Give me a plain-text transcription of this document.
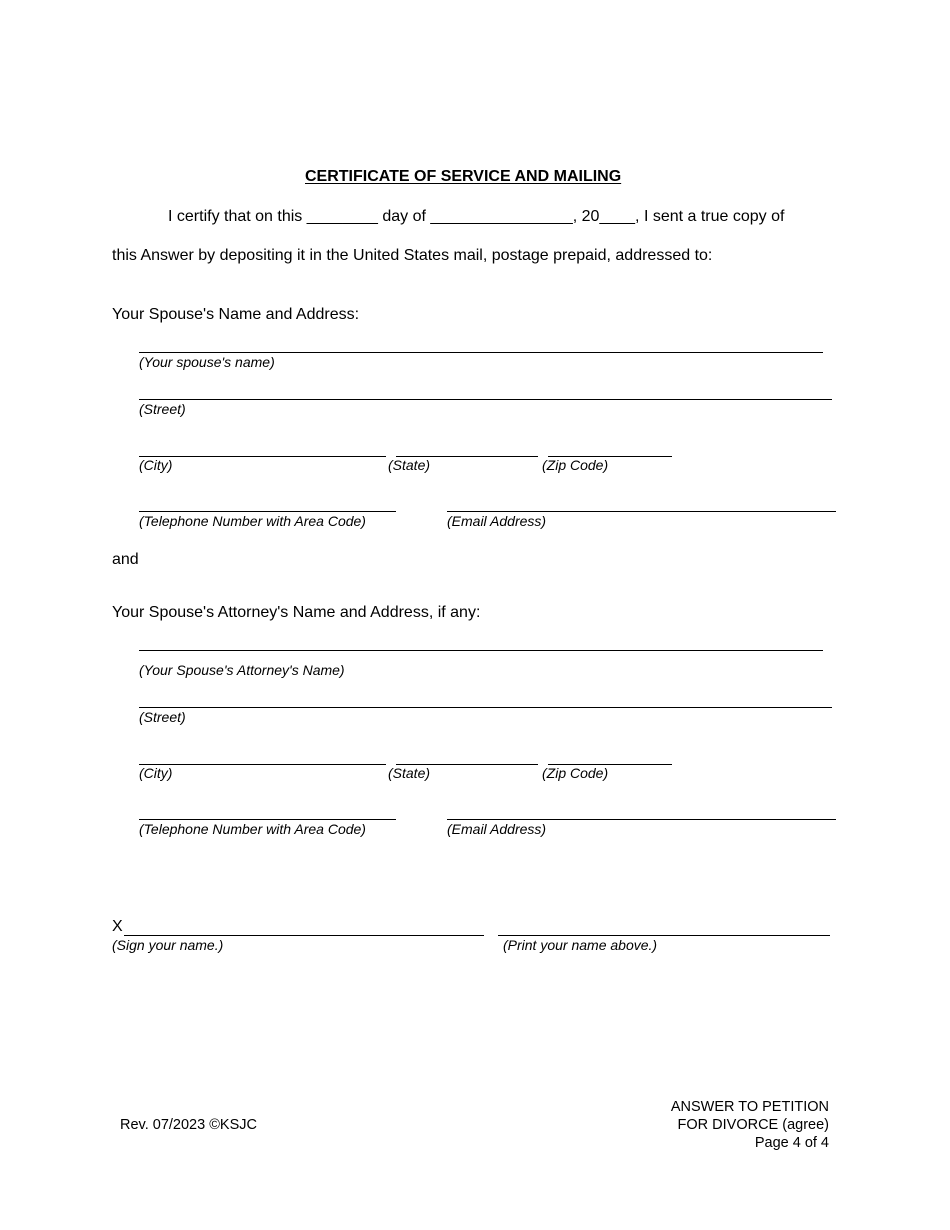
CERTIFICATE OF SERVICE AND MAILING
I certify that on this ________ day of ________________, 20____, I sent a true copy of
this Answer by depositing it in the United States mail, postage prepaid, addressed to:
Your Spouse's Name and Address:
(Your spouse's name)
(Street)
(City)	(State)	(Zip Code)
(Telephone Number with Area Code)	(Email Address)
and
Your Spouse's Attorney's Name and Address, if any:
(Your Spouse's Attorney's Name)
(Street)
(City)	(State)	(Zip Code)
(Telephone Number with Area Code)	(Email Address)
X
(Sign your name.)	(Print your name above.)
Rev. 07/2023 ©KSJC
ANSWER TO PETITION
FOR DIVORCE (agree)
Page 4 of 4
